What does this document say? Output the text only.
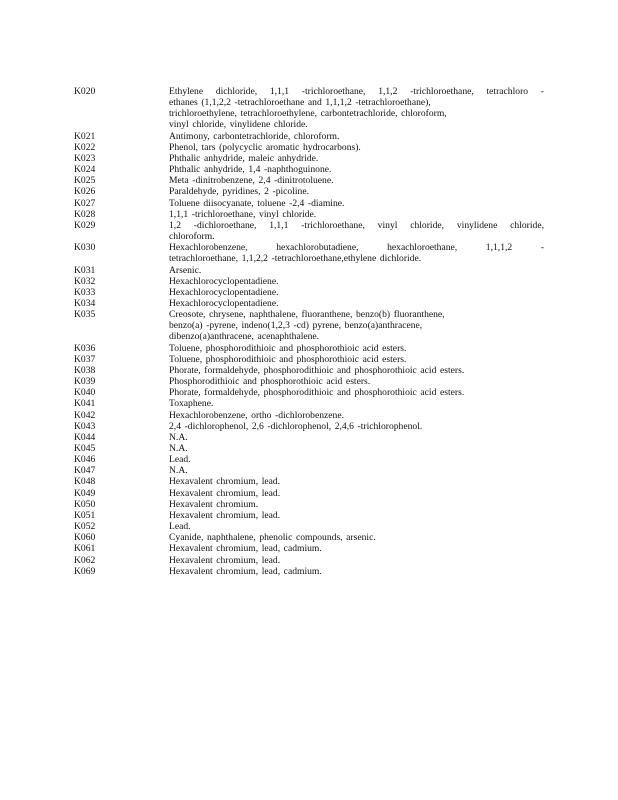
K020	Ethylene dichloride, 1,1,1 -trichloroethane, 1,1,2 -trichloroethane, tetrachloro -
ethanes (1,1,2,2 -tetrachloroethane and 1,1,1,2 -tetrachloroethane),
trichloroethylene, tetrachloroethylene, carbontetrachloride, chloroform,
vinyl chloride, vinylidene chloride.
K021	Antimony, carbontetrachloride, chloroform.
K022	Phenol, tars (polycyclic aromatic hydrocarbons).
K023	Phthalic anhydride, maleic anhydride.
K024	Phthalic anhydride, 1,4 -naphthoguinone.
K025	Meta -dinitrobenzene, 2,4 -dinitrotoluene.
K026	Paraldehyde, pyridines, 2 -picoline.
K027	Toluene diisocyanate, toluene -2,4 -diamine.
K028	1,1,1 -trichloroethane, vinyl chloride.
K029	1,2 -dichloroethane, 1,1,1 -trichloroethane, vinyl chloride, vinylidene chloride,
chloroform.
K030	Hexachlorobenzene, hexachlorobutadiene, hexachloroethane, 1,1,1,2 -
tetrachloroethane, 1,1,2,2 -tetrachloroethane,ethylene dichloride.
K031	Arsenic.
K032	Hexachlorocyclopentadiene.
K033	Hexachlorocyclopentadiene.
K034	Hexachlorocyclopentadiene.
K035	Creosote, chrysene, naphthalene, fluoranthene, benzo(b) fluoranthene,
benzo(a) -pyrene, indeno(1,2,3 -cd) pyrene, benzo(a)anthracene,
dibenzo(a)anthracene, acenaphthalene.
K036	Toluene, phosphorodithioic and phosphorothioic acid esters.
K037	Toluene, phosphorodithioic and phosphorothioic acid esters.
K038	Phorate, formaldehyde, phosphorodithioic and phosphorothioic acid esters.
K039	Phosphorodithioic and phosphorothioic acid esters.
K040	Phorate, formaldehyde, phosphorodithioic and phosphorothioic acid esters.
K041	Toxaphene.
K042	Hexachlorobenzene, ortho -dichlorobenzene.
K043	2,4 -dichlorophenol, 2,6 -dichlorophenol, 2,4,6 -trichlorophenol.
K044	N.A.
K045	N.A.
K046	Lead.
K047	N.A.
K048	Hexavalent chromium, lead.
K049	Hexavalent chromium, lead.
K050	Hexavalent chromium.
K051	Hexavalent chromium, lead.
K052	Lead.
K060	Cyanide, naphthalene, phenolic compounds, arsenic.
K061	Hexavalent chromium, lead, cadmium.
K062	Hexavalent chromium, lead.
K069	Hexavalent chromium, lead, cadmium.
